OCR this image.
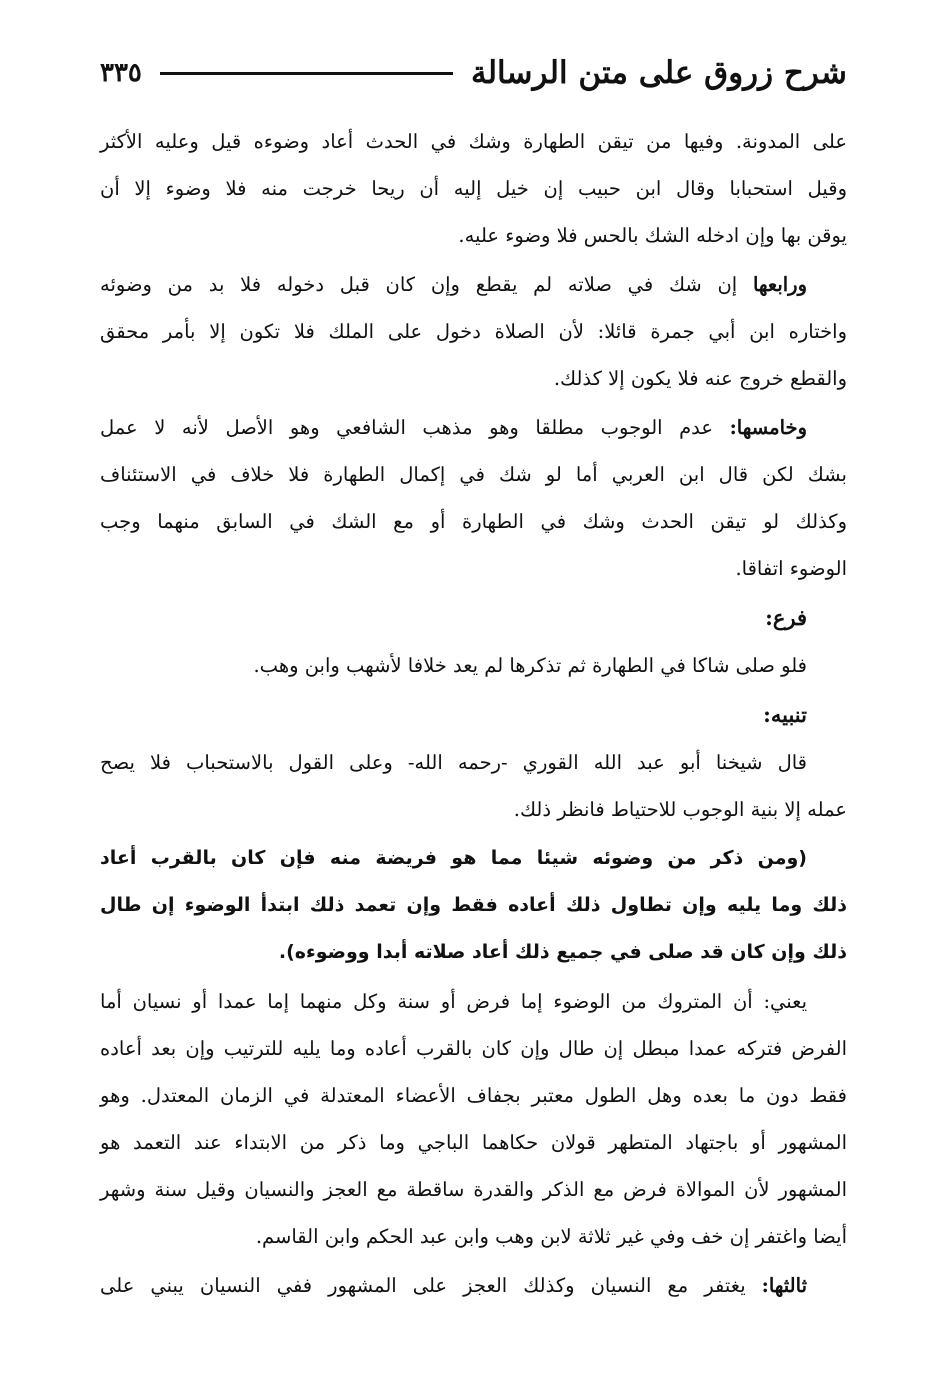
شرح زروق على متن الرسالة
٣٣٥
على المدونة. وفيها من تيقن الطهارة وشك في الحدث أعاد وضوءه قيل وعليه الأكثر
وقيل استحبابا وقال ابن حبيب إن خيل إليه أن ريحا خرجت منه فلا وضوء إلا أن
يوقن بها وإن ادخله الشك بالحس فلا وضوء عليه.
ورابعها إن شك في صلاته لم يقطع وإن كان قبل دخوله فلا بد من وضوئه
واختاره ابن أبي جمرة قائلا: لأن الصلاة دخول على الملك فلا تكون إلا بأمر محقق
والقطع خروج عنه فلا يكون إلا كذلك.
وخامسها: عدم الوجوب مطلقا وهو مذهب الشافعي وهو الأصل لأنه لا عمل
بشك لكن قال ابن العربي أما لو شك في إكمال الطهارة فلا خلاف في الاستئناف
وكذلك لو تيقن الحدث وشك في الطهارة أو مع الشك في السابق منهما وجب
الوضوء اتفاقا.
فرع:
فلو صلى شاكا في الطهارة ثم تذكرها لم يعد خلافا لأشهب وابن وهب.
تنبيه:
قال شيخنا أبو عبد الله القوري -رحمه الله- وعلى القول بالاستحباب فلا يصح
عمله إلا بنية الوجوب للاحتياط فانظر ذلك.
(ومن ذكر من وضوئه شيئا مما هو فريضة منه فإن كان بالقرب أعاد
ذلك وما يليه وإن تطاول ذلك أعاده فقط وإن تعمد ذلك ابتدأ الوضوء إن طال
ذلك وإن كان قد صلى في جميع ذلك أعاد صلاته أبدا ووضوءه).
يعني: أن المتروك من الوضوء إما فرض أو سنة وكل منهما إما عمدا أو نسيان أما
الفرض فتركه عمدا مبطل إن طال وإن كان بالقرب أعاده وما يليه للترتيب وإن بعد أعاده
فقط دون ما بعده وهل الطول معتبر بجفاف الأعضاء المعتدلة في الزمان المعتدل. وهو
المشهور أو باجتهاد المتطهر قولان حكاهما الباجي وما ذكر من الابتداء عند التعمد هو
المشهور لأن الموالاة فرض مع الذكر والقدرة ساقطة مع العجز والنسيان وقيل سنة وشهر
أيضا واغتفر إن خف وفي غير ثلاثة لابن وهب وابن عبد الحكم وابن القاسم.
ثالثها: يغتفر مع النسيان وكذلك العجز على المشهور ففي النسيان يبني على
